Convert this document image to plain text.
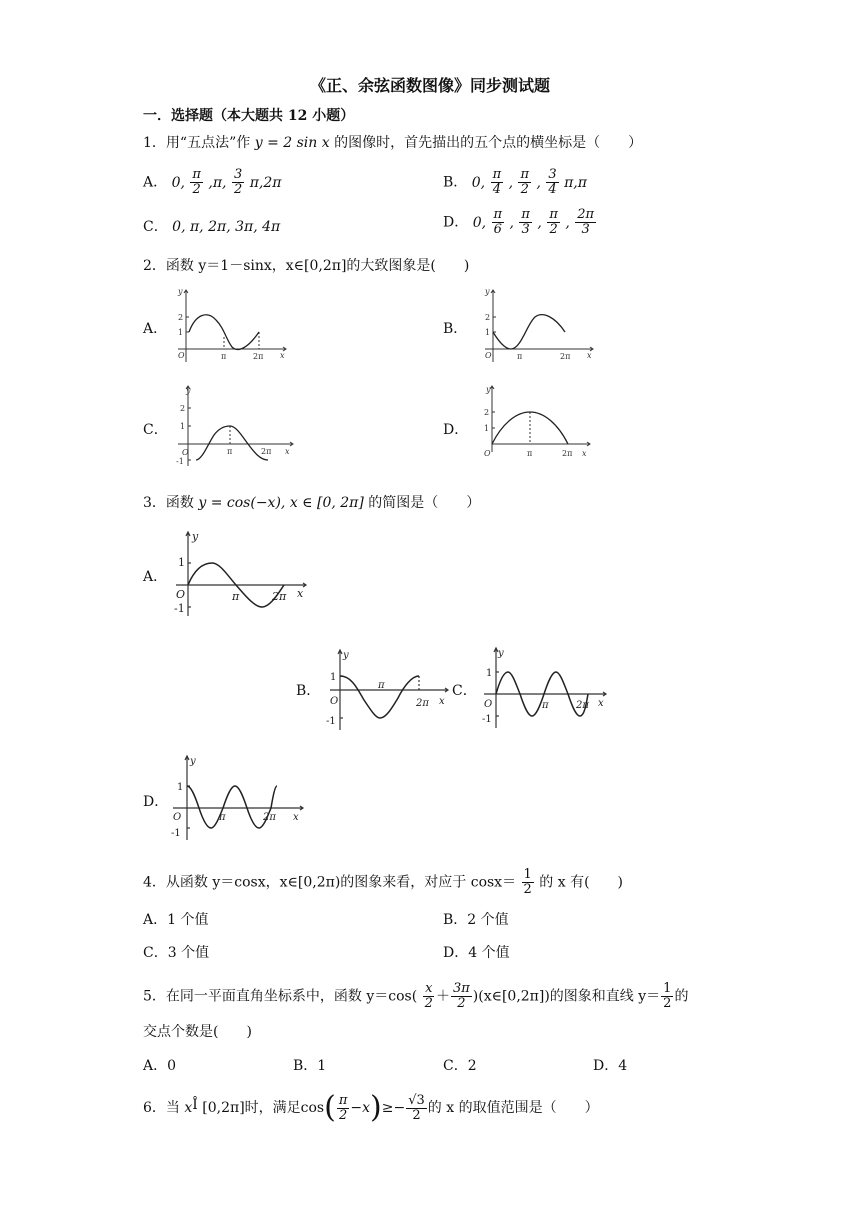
《正、余弦函数图像》同步测试题
一．选择题（本大题共 12 小题）
1．用“五点法”作 y = 2 sin x 的图像时，首先描出的五个点的横坐标是（　　）
A． 0, $\frac{\pi}{2} ,\pi$, $\frac{3}{2} \pi,2\pi$	B． 0, $\frac{\pi}{4}$ , $\frac{\pi}{2}$ , $\frac{3}{4} \pi,\pi$
C． 0, π, 2π, 3π, 4π	D． 0, $\frac{\pi}{6}$ , $\frac{\pi}{3}$ , $\frac{\pi}{2}$ , $\frac{2\pi}{3}$
2．函数 y＝1－sinx，x∈[0,2π]的大致图象是(　　)
A．
y
2
1
O	π	2π x
B．
y
2
1
O	π	2π x
C．
y
2
1
O
-1
π	2π x
D．
y
2
1
O	π	2π x
3．函数 y = cos(−x), x ∈ [0, 2π] 的简图是（　　）
A．
y
1
O
-1
π	2π x
B．
y
1
O
-1
π
2π x
C．
y
1
O
-1
π	2π x
D．
y
1
O
-1
π	2π x
4．从函数 y＝cosx，x∈[0,2π)的图象来看，对应于 $\cos x= \frac{1}{2}$ 的 x 有(　　)
A．1 个值	B．2 个值
C．3 个值	D．4 个值
5．在同一平面直角坐标系中，函数 $y=\cos( \frac{x}{2} + \frac{3\pi}{2}$ )(x∈[0,2π])的图象和直线 $y= \frac{1}{2}$ 的
交点个数是(　　)
A．0	B．1	C．2	D．4
6．当 xÎ [0,2π]时，满足$\cos( \frac{\pi}{2} -x)\ge- \frac{√3}{2}$ 的 x 的取值范围是（　　）
